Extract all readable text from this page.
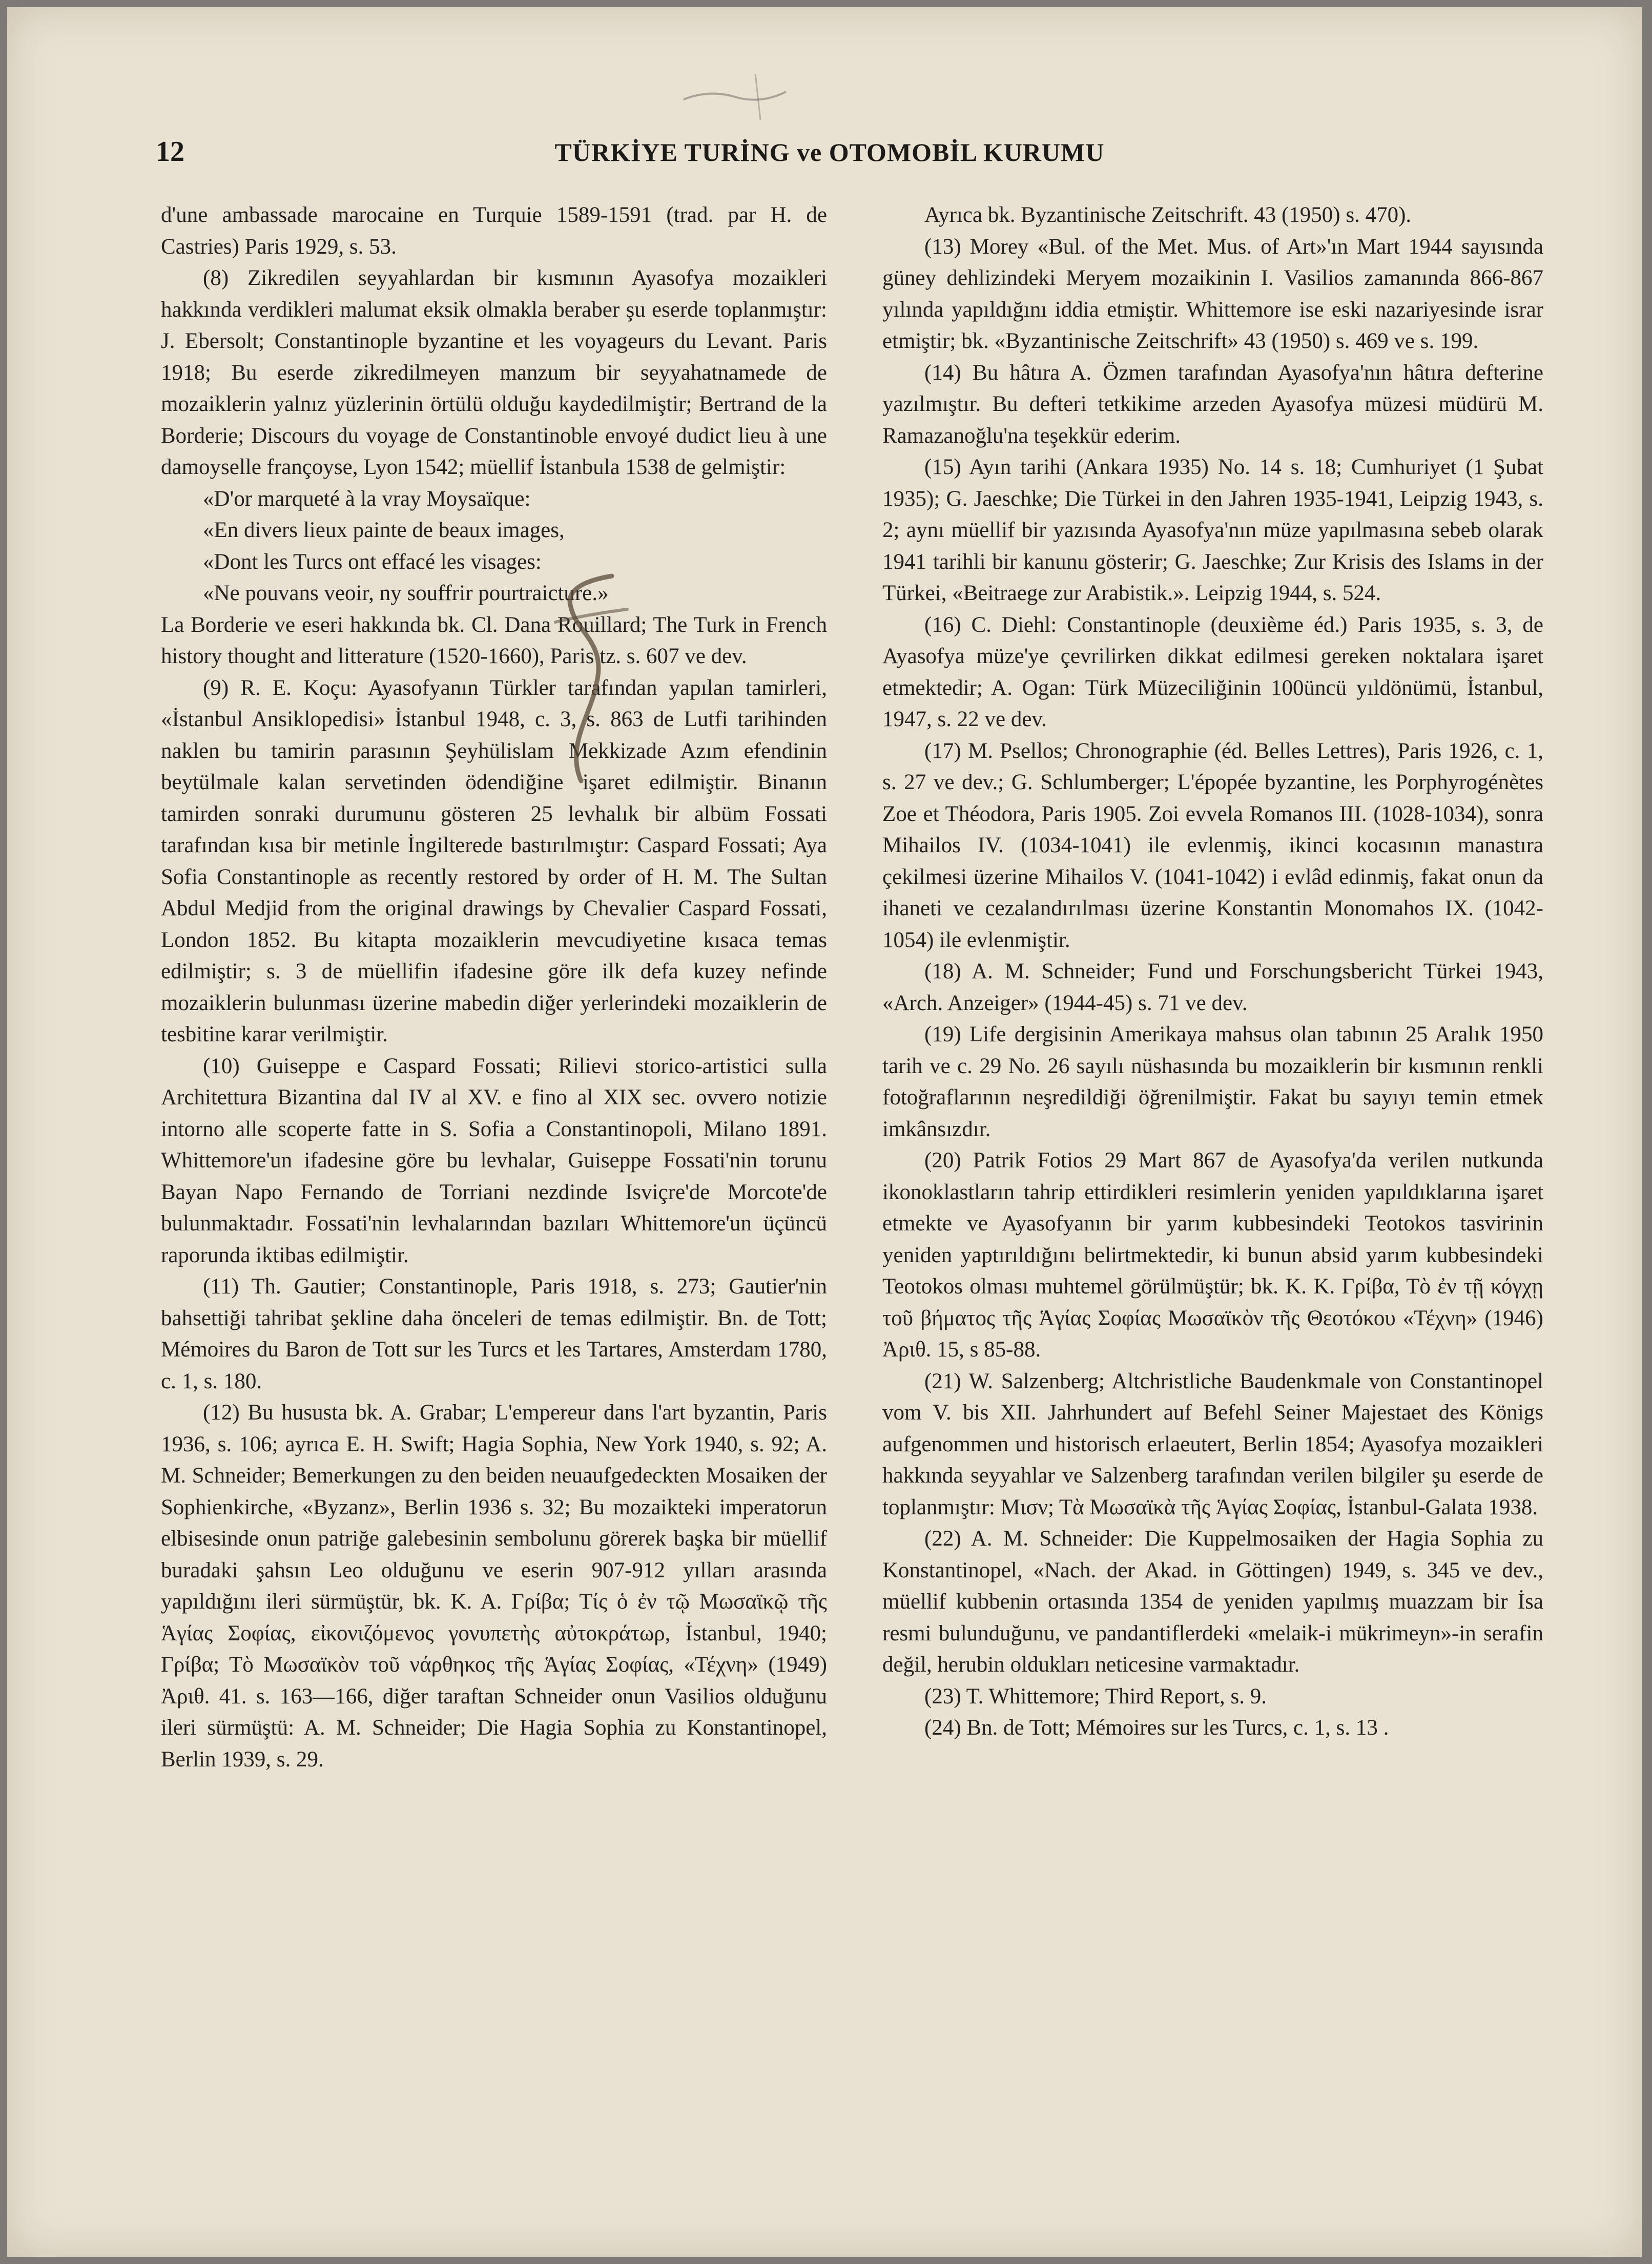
12	TÜRKİYE TURİNG ve OTOMOBİL KURUMU

d'une ambassade marocaine en Turquie 1589-1591 (trad. par H. de Castries) Paris 1929, s. 53.

(8) Zikredilen seyyahlardan bir kısmının Ayasofya mozaikleri hakkında verdikleri malumat eksik olmakla beraber şu eserde toplanmıştır: J. Ebersolt; Constantinople byzantine et les voyageurs du Levant. Paris 1918; Bu eserde zikredilmeyen manzum bir seyyahatnamede de mozaiklerin yalnız yüzlerinin örtülü olduğu kaydedilmiştir; Bertrand de la Borderie; Discours du voyage de Constantinoble envoyé dudict lieu à une damoyselle françoyse, Lyon 1542; müellif İstanbula 1538 de gelmiştir:

«D'or marqueté à la vray Moysaïque:

«En divers lieux painte de beaux images,

«Dont les Turcs ont effacé les visages:

«Ne pouvans veoir, ny souffrir pourtraicture.»

La Borderie ve eseri hakkında bk. Cl. Dana Rouillard; The Turk in French history thought and litterature (1520-1660), Paris tz. s. 607 ve dev.

(9) R. E. Koçu: Ayasofyanın Türkler tarafından yapılan tamirleri, «İstanbul Ansiklopedisi» İstanbul 1948, c. 3, s. 863 de Lutfi tarihinden naklen bu tamirin parasının Şeyhülislam Mekkizade Azım efendinin beytülmale kalan servetinden ödendiğine işaret edilmiştir. Binanın tamirden sonraki durumunu gösteren 25 levhalık bir albüm Fossati tarafından kısa bir metinle İngilterede bastırılmıştır: Caspard Fossati; Aya Sofia Constantinople as recently restored by order of H. M. The Sultan Abdul Medjid from the original drawings by Chevalier Caspard Fossati, London 1852. Bu kitapta mozaiklerin mevcudiyetine kısaca temas edilmiştir; s. 3 de müellifin ifadesine göre ilk defa kuzey nefinde mozaiklerin bulunması üzerine mabedin diğer yerlerindeki mozaiklerin de tesbitine karar verilmiştir.

(10) Guiseppe e Caspard Fossati; Rilievi storico-artistici sulla Architettura Bizantina dal IV al XV. e fino al XIX sec. ovvero notizie intorno alle scoperte fatte in S. Sofia a Constantinopoli, Milano 1891. Whittemore'un ifadesine göre bu levhalar, Guiseppe Fossati'nin torunu Bayan Napo Fernando de Torriani nezdinde Isviçre'de Morcote'de bulunmaktadır. Fossati'nin levhalarından bazıları Whittemore'un üçüncü raporunda iktibas edilmiştir.

(11) Th. Gautier; Constantinople, Paris 1918, s. 273; Gautier'nin bahsettiği tahribat şekline daha önceleri de temas edilmiştir. Bn. de Tott; Mémoires du Baron de Tott sur les Turcs et les Tartares, Amsterdam 1780, c. 1, s. 180.

(12) Bu hususta bk. A. Grabar; L'empereur dans l'art byzantin, Paris 1936, s. 106; ayrıca E. H. Swift; Hagia Sophia, New York 1940, s. 92; A. M. Schneider; Bemerkungen zu den beiden neuaufgedeckten Mosaiken der Sophienkirche, «Byzanz», Berlin 1936 s. 32; Bu mozaikteki imperatorun elbisesinde onun patriğe galebesinin sembolunu görerek başka bir müellif buradaki şahsın Leo olduğunu ve eserin 907-912 yılları arasında yapıldığını ileri sürmüştür, bk. K. A. Γρίβα; Τίς ὁ ἐν τῷ Μωσαϊκῷ τῆς Ἁγίας Σοφίας, εἰκονιζόμενος γονυπετὴς αὐτοκράτωρ, İstanbul, 1940; Γρίβα; Τὸ Μωσαϊκὸν τοῦ νάρθηκος τῆς Ἁγίας Σοφίας, «Τέχνη» (1949) Ἀριθ. 41. s. 163—166, diğer taraftan Schneider onun Vasilios olduğunu ileri sürmüştü: A. M. Schneider; Die Hagia Sophia zu Konstantinopel, Berlin 1939, s. 29.

Ayrıca bk. Byzantinische Zeitschrift. 43 (1950) s. 470).

(13) Morey «Bul. of the Met. Mus. of Art»'ın Mart 1944 sayısında güney dehlizindeki Meryem mozaikinin I. Vasilios zamanında 866-867 yılında yapıldığını iddia etmiştir. Whittemore ise eski nazariyesinde israr etmiştir; bk. «Byzantinische Zeitschrift» 43 (1950) s. 469 ve s. 199.

(14) Bu hâtıra A. Özmen tarafından Ayasofya'nın hâtıra defterine yazılmıştır. Bu defteri tetkikime arzeden Ayasofya müzesi müdürü M. Ramazanoğlu'na teşekkür ederim.

(15) Ayın tarihi (Ankara 1935) No. 14 s. 18; Cumhuriyet (1 Şubat 1935); G. Jaeschke; Die Türkei in den Jahren 1935-1941, Leipzig 1943, s. 2; aynı müellif bir yazısında Ayasofya'nın müze yapılmasına sebeb olarak 1941 tarihli bir kanunu gösterir; G. Jaeschke; Zur Krisis des Islams in der Türkei, «Beitraege zur Arabistik.». Leipzig 1944, s. 524.

(16) C. Diehl: Constantinople (deuxième éd.) Paris 1935, s. 3, de Ayasofya müze'ye çevrilirken dikkat edilmesi gereken noktalara işaret etmektedir; A. Ogan: Türk Müzeciliğinin 100üncü yıldönümü, İstanbul, 1947, s. 22 ve dev.

(17) M. Psellos; Chronographie (éd. Belles Lettres), Paris 1926, c. 1, s. 27 ve dev.; G. Schlumberger; L'épopée byzantine, les Porphyrogénètes Zoe et Théodora, Paris 1905. Zoi evvela Romanos III. (1028-1034), sonra Mihailos IV. (1034-1041) ile evlenmiş, ikinci kocasının manastıra çekilmesi üzerine Mihailos V. (1041-1042) i evlâd edinmiş, fakat onun da ihaneti ve cezalandırılması üzerine Konstantin Monomahos IX. (1042-1054) ile evlenmiştir.

(18) A. M. Schneider; Fund und Forschungsbericht Türkei 1943, «Arch. Anzeiger» (1944-45) s. 71 ve dev.

(19) Life dergisinin Amerikaya mahsus olan tabının 25 Aralık 1950 tarih ve c. 29 No. 26 sayılı nüshasında bu mozaiklerin bir kısmının renkli fotoğraflarının neşredildiği öğrenilmiştir. Fakat bu sayıyı temin etmek imkânsızdır.

(20) Patrik Fotios 29 Mart 867 de Ayasofya'da verilen nutkunda ikonoklastların tahrip ettirdikleri resimlerin yeniden yapıldıklarına işaret etmekte ve Ayasofyanın bir yarım kubbesindeki Teotokos tasvirinin yeniden yaptırıldığını belirtmektedir, ki bunun absid yarım kubbesindeki Teotokos olması muhtemel görülmüştür; bk. Κ. Κ. Γρίβα, Τὸ ἐν τῇ κόγχῃ τοῦ βήματος τῆς Ἁγίας Σοφίας Μωσαϊκὸν τῆς Θεοτόκου «Τέχνη» (1946) Ἀριθ. 15, s 85-88.

(21) W. Salzenberg; Altchristliche Baudenkmale von Constantinopel vom V. bis XII. Jahrhundert auf Befehl Seiner Majestaet des Königs aufgenommen und historisch erlaeutert, Berlin 1854; Ayasofya mozaikleri hakkında seyyahlar ve Salzenberg tarafından verilen bilgiler şu eserde de toplanmıştır: Μισν; Τὰ Μωσαϊκὰ τῆς Ἁγίας Σοφίας, İstanbul-Galata 1938.

(22) A. M. Schneider: Die Kuppelmosaiken der Hagia Sophia zu Konstantinopel, «Nach. der Akad. in Göttingen) 1949, s. 345 ve dev., müellif kubbenin ortasında 1354 de yeniden yapılmış muazzam bir İsa resmi bulunduğunu, ve pandantiflerdeki «melaik-i mükrimeyn»-in serafin değil, herubin oldukları neticesine varmaktadır.

(23) T. Whittemore; Third Report, s. 9.

(24) Bn. de Tott; Mémoires sur les Turcs, c. 1, s. 13 .
